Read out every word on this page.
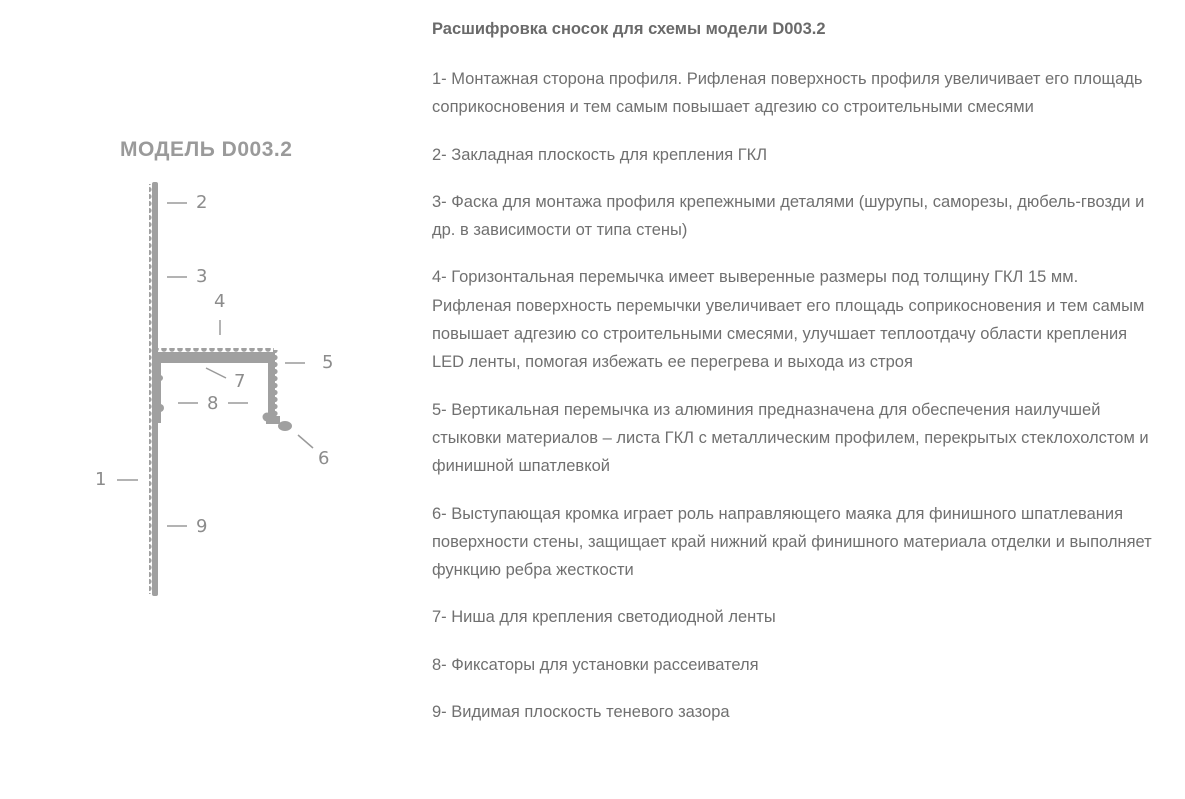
МОДЕЛЬ D003.2
2
3
4
5
7
8
6
1
9
Расшифровка сносок для схемы модели D003.2

1- Монтажная сторона профиля. Рифленая поверхность профиля увеличивает его площадь соприкосновения и тем самым повышает адгезию со строительными смесями

2- Закладная плоскость для крепления ГКЛ

3- Фаска для монтажа профиля крепежными деталями (шурупы, саморезы, дюбель-гвозди и др. в зависимости от типа стены)

4- Горизонтальная перемычка имеет выверенные размеры под толщину ГКЛ 15 мм. Рифленая поверхность перемычки увеличивает его площадь соприкосновения и тем самым повышает адгезию со строительными смесями, улучшает теплоотдачу области крепления LED ленты, помогая избежать ее перегрева и выхода из строя

5- Вертикальная перемычка из алюминия предназначена для обеспечения наилучшей стыковки материалов – листа ГКЛ с металлическим профилем, перекрытых стеклохолстом и финишной шпатлевкой

6- Выступающая кромка играет роль направляющего маяка для финишного шпатлевания поверхности стены, защищает край нижний край финишного материала отделки и выполняет функцию ребра жесткости

7- Ниша для крепления светодиодной ленты

8- Фиксаторы для установки рассеивателя

9- Видимая плоскость теневого зазора
